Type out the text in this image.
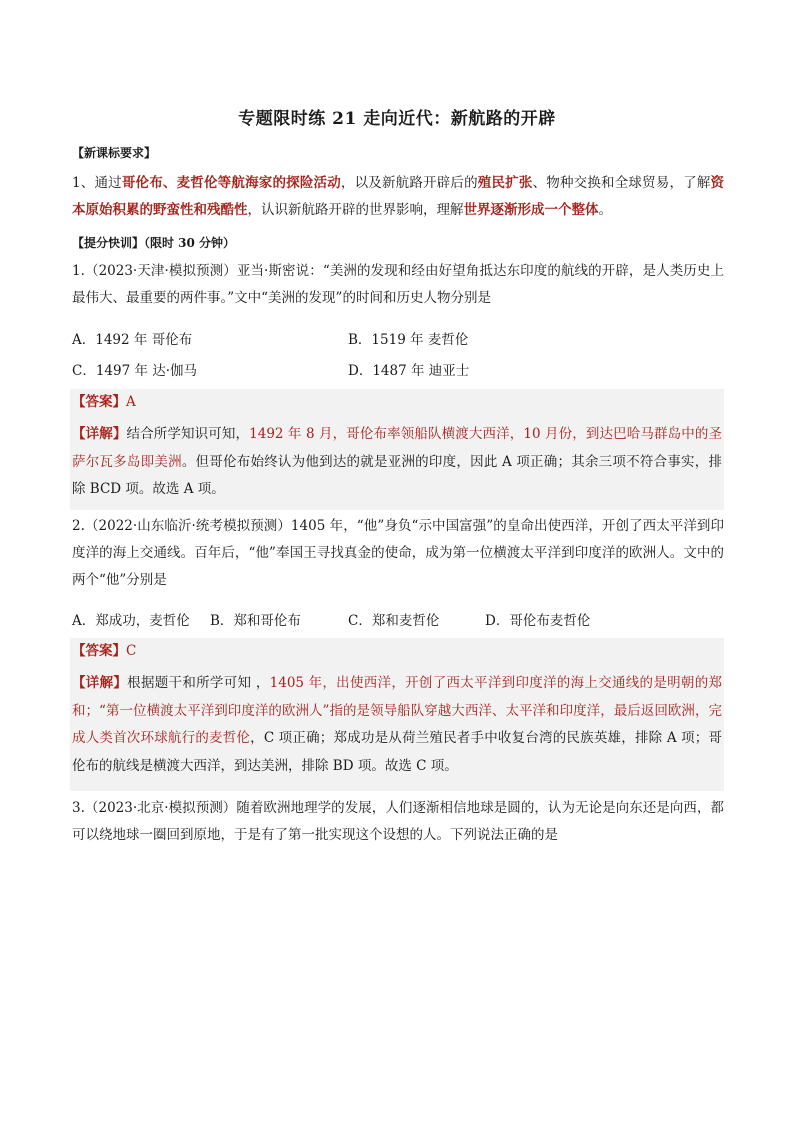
专题限时练 21 走向近代：新航路的开辟
【新课标要求】
1、通过哥伦布、麦哲伦等航海家的探险活动，以及新航路开辟后的殖民扩张、物种交换和全球贸易，了解资本原始积累的野蛮性和残酷性，认识新航路开辟的世界影响，理解世界逐渐形成一个整体。
【提分快训】（限时 30 分钟）
1.（2023·天津·模拟预测）亚当·斯密说：“美洲的发现和经由好望角抵达东印度的航线的开辟，是人类历史上最伟大、最重要的两件事。”文中“美洲的发现”的时间和历史人物分别是
A．1492 年 哥伦布	B．1519 年 麦哲伦
C．1497 年 达·伽马	D．1487 年 迪亚士
【答案】A
【详解】结合所学知识可知，1492 年 8 月，哥伦布率领船队横渡大西洋，10 月份，到达巴哈马群岛中的圣萨尔瓦多岛即美洲。但哥伦布始终认为他到达的就是亚洲的印度，因此 A 项正确；其余三项不符合事实，排除 BCD 项。故选 A 项。
2.（2022·山东临沂·统考模拟预测）1405 年，“他”身负“示中国富强”的皇命出使西洋，开创了西太平洋到印度洋的海上交通线。百年后，“他”奉国王寻找真金的使命，成为第一位横渡太平洋到印度洋的欧洲人。文中的两个“他”分别是
A．郑成功，麦哲伦 B．郑和哥伦布	C．郑和麦哲伦	D．哥伦布麦哲伦
【答案】C
【详解】根据题干和所学可知 ，1405 年，出使西洋，开创了西太平洋到印度洋的海上交通线的是明朝的郑和；“第一位横渡太平洋到印度洋的欧洲人”指的是领导船队穿越大西洋、太平洋和印度洋，最后返回欧洲，完成人类首次环球航行的麦哲伦，C 项正确；郑成功是从荷兰殖民者手中收复台湾的民族英雄，排除 A 项；哥伦布的航线是横渡大西洋，到达美洲，排除 BD 项。故选 C 项。
3.（2023·北京·模拟预测）随着欧洲地理学的发展，人们逐渐相信地球是圆的，认为无论是向东还是向西，都可以绕地球一圈回到原地，于是有了第一批实现这个设想的人。下列说法正确的是
